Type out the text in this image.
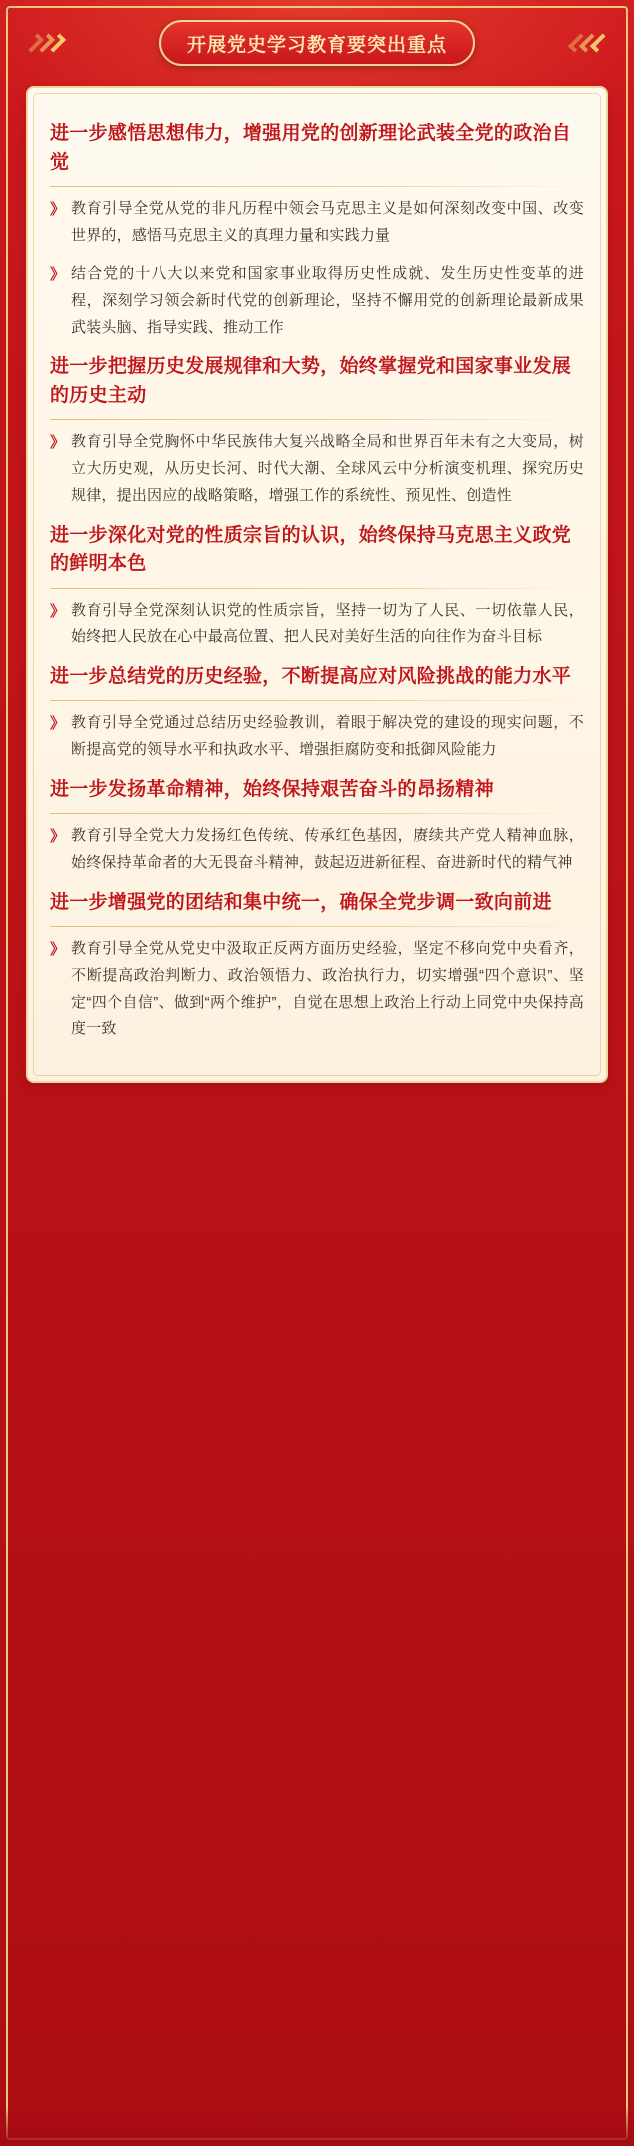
开展党史学习教育要突出重点
进一步感悟思想伟力，增强用党的创新理论武装全党的政治自觉
》 教育引导全党从党的非凡历程中领会马克思主义是如何深刻改变中国、改变世界的，感悟马克思主义的真理力量和实践力量
》 结合党的十八大以来党和国家事业取得历史性成就、发生历史性变革的进程，深刻学习领会新时代党的创新理论，坚持不懈用党的创新理论最新成果武装头脑、指导实践、推动工作
进一步把握历史发展规律和大势，始终掌握党和国家事业发展的历史主动
》 教育引导全党胸怀中华民族伟大复兴战略全局和世界百年未有之大变局，树立大历史观，从历史长河、时代大潮、全球风云中分析演变机理、探究历史规律，提出因应的战略策略，增强工作的系统性、预见性、创造性
进一步深化对党的性质宗旨的认识，始终保持马克思主义政党的鲜明本色
》 教育引导全党深刻认识党的性质宗旨，坚持一切为了人民、一切依靠人民，始终把人民放在心中最高位置、把人民对美好生活的向往作为奋斗目标
进一步总结党的历史经验，不断提高应对风险挑战的能力水平
》 教育引导全党通过总结历史经验教训，着眼于解决党的建设的现实问题，不断提高党的领导水平和执政水平、增强拒腐防变和抵御风险能力
进一步发扬革命精神，始终保持艰苦奋斗的昂扬精神
》 教育引导全党大力发扬红色传统、传承红色基因，赓续共产党人精神血脉，始终保持革命者的大无畏奋斗精神，鼓起迈进新征程、奋进新时代的精气神
进一步增强党的团结和集中统一，确保全党步调一致向前进
》 教育引导全党从党史中汲取正反两方面历史经验，坚定不移向党中央看齐，不断提高政治判断力、政治领悟力、政治执行力，切实增强“四个意识”、坚定“四个自信”、做到“两个维护”，自觉在思想上政治上行动上同党中央保持高度一致
